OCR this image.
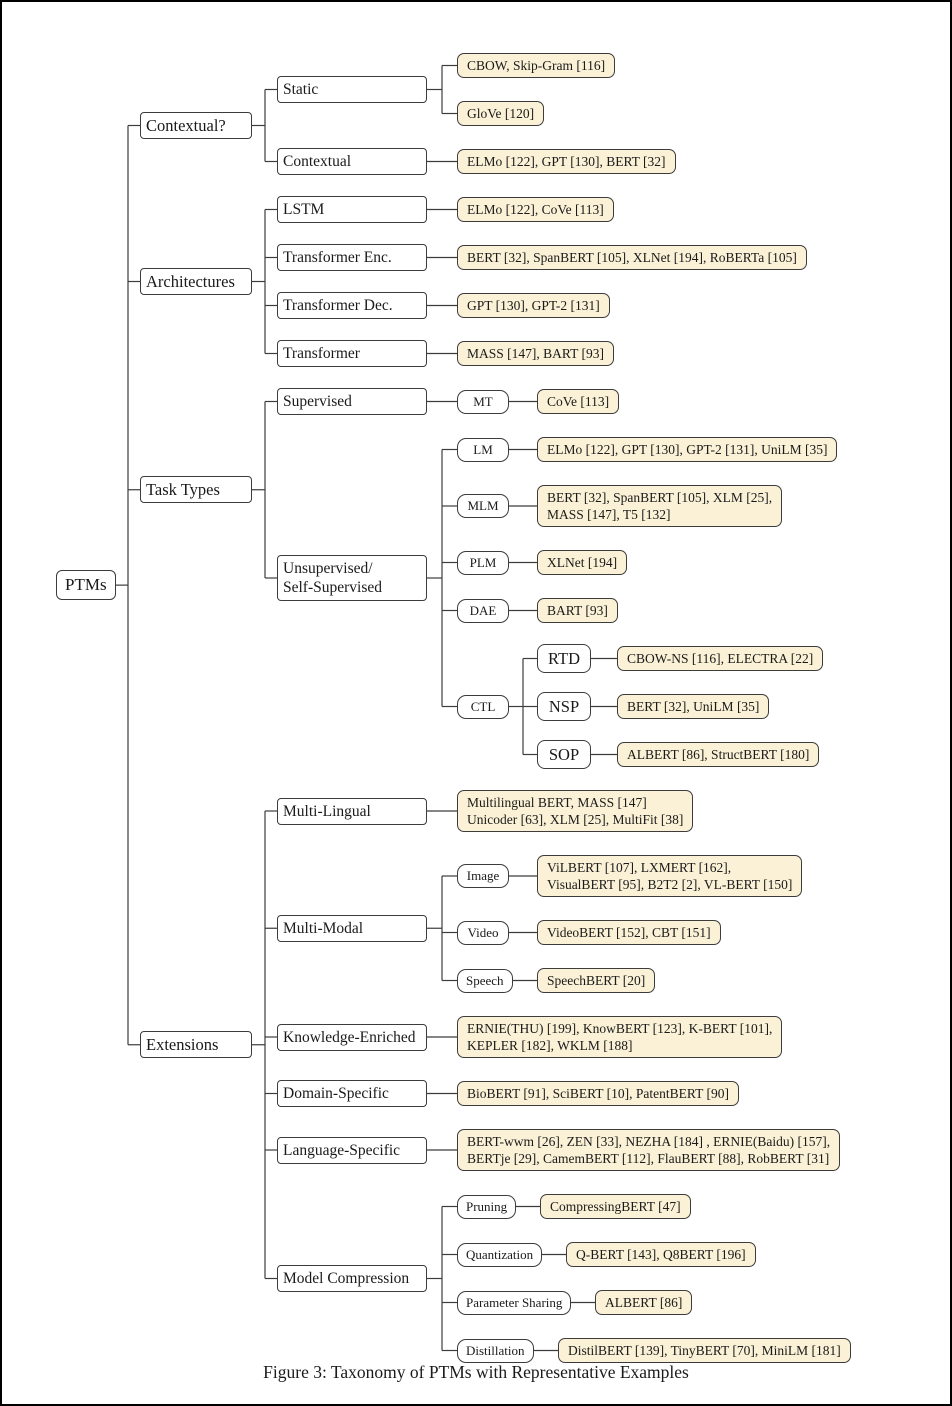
PTMs
Contextual?
Static
CBOW, Skip-Gram [116]
GloVe [120]
Contextual	ELMo [122], GPT [130], BERT [32]
Architectures
LSTM	ELMo [122], CoVe [113]
Transformer Enc.	BERT [32], SpanBERT [105], XLNet [194], RoBERTa [105]
Transformer Dec.	GPT [130], GPT-2 [131]
Transformer	MASS [147], BART [93]
Task Types
Supervised	MT	CoVe [113]
Unsupervised/
Self-Supervised
LM	ELMo [122], GPT [130], GPT-2 [131], UniLM [35]
MLM
BERT [32], SpanBERT [105], XLM [25],
MASS [147], T5 [132]
PLM	XLNet [194]
DAE	BART [93]
CTL
RTD	CBOW-NS [116], ELECTRA [22]
NSP	BERT [32], UniLM [35]
SOP	ALBERT [86], StructBERT [180]
Extensions
Multi-Lingual
Multilingual BERT, MASS [147]
Unicoder [63], XLM [25], MultiFit [38]
Multi-Modal
Image
ViLBERT [107], LXMERT [162],
VisualBERT [95], B2T2 [2], VL-BERT [150]
Video	VideoBERT [152], CBT [151]
Speech	SpeechBERT [20]
Knowledge-Enriched
ERNIE(THU) [199], KnowBERT [123], K-BERT [101],
KEPLER [182], WKLM [188]
Domain-Specific	BioBERT [91], SciBERT [10], PatentBERT [90]
Language-Specific
BERT-wwm [26], ZEN [33], NEZHA [184] , ERNIE(Baidu) [157],
BERTje [29], CamemBERT [112], FlauBERT [88], RobBERT [31]
Model Compression
Pruning	CompressingBERT [47]
Quantization	Q-BERT [143], Q8BERT [196]
Parameter Sharing	ALBERT [86]
Distillation	DistilBERT [139], TinyBERT [70], MiniLM [181]
Figure 3: Taxonomy of PTMs with Representative Examples
